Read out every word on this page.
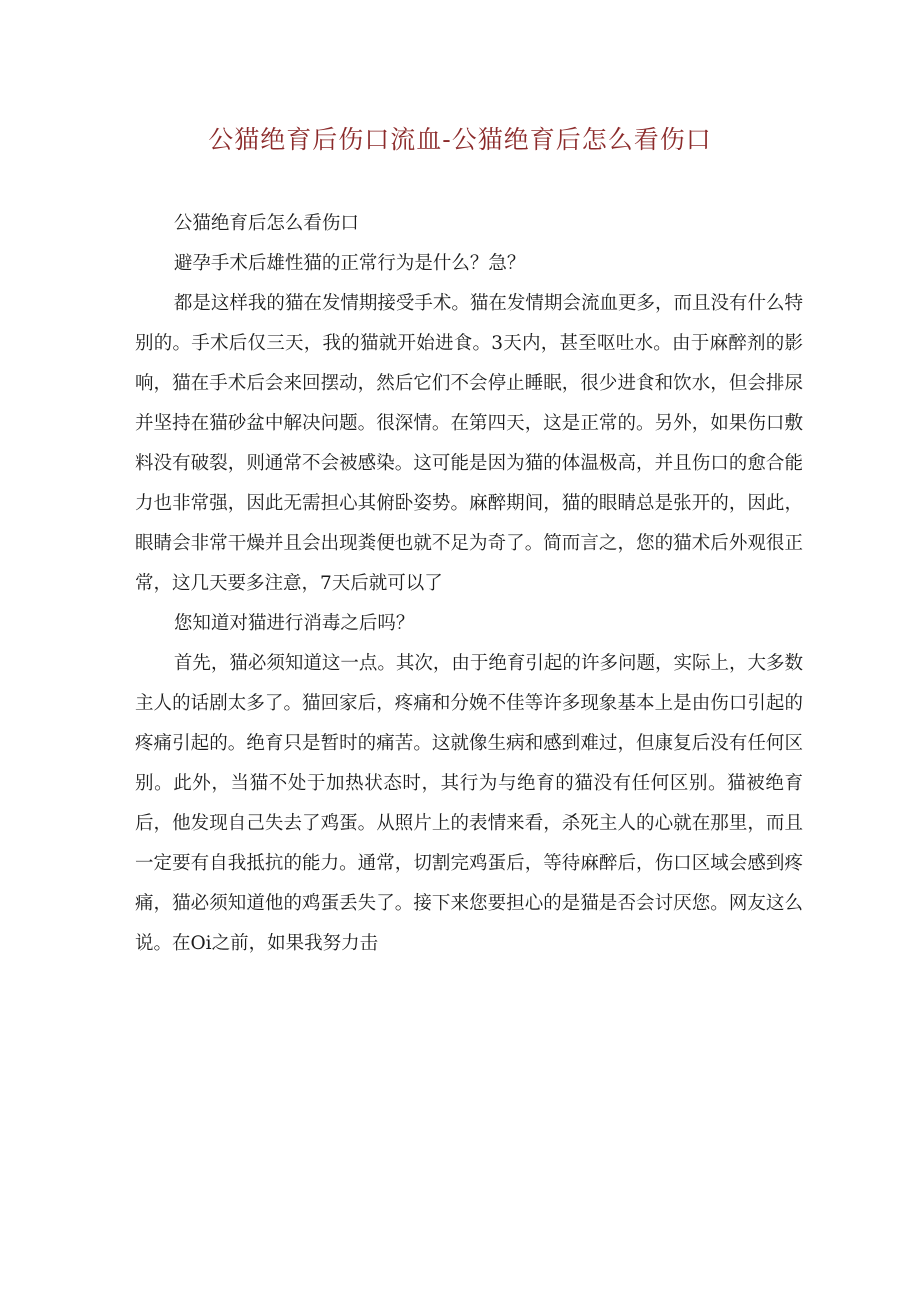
公猫绝育后伤口流血-公猫绝育后怎么看伤口

公猫绝育后怎么看伤口

避孕手术后雄性猫的正常行为是什么？急？

都是这样我的猫在发情期接受手术。猫在发情期会流血更多，而且没有什么特别的。手术后仅三天，我的猫就开始进食。3天内，甚至呕吐水。由于麻醉剂的影响，猫在手术后会来回摆动，然后它们不会停止睡眠，很少进食和饮水，但会排尿并坚持在猫砂盆中解决问题。很深情。在第四天，这是正常的。另外，如果伤口敷料没有破裂，则通常不会被感染。这可能是因为猫的体温极高，并且伤口的愈合能力也非常强，因此无需担心其俯卧姿势。麻醉期间，猫的眼睛总是张开的，因此，眼睛会非常干燥并且会出现粪便也就不足为奇了。简而言之，您的猫术后外观很正常，这几天要多注意，7天后就可以了

您知道对猫进行消毒之后吗？

首先，猫必须知道这一点。其次，由于绝育引起的许多问题，实际上，大多数主人的话剧太多了。猫回家后，疼痛和分娩不佳等许多现象基本上是由伤口引起的疼痛引起的。绝育只是暂时的痛苦。这就像生病和感到难过，但康复后没有任何区别。此外，当猫不处于加热状态时，其行为与绝育的猫没有任何区别。猫被绝育后，他发现自己失去了鸡蛋。从照片上的表情来看，杀死主人的心就在那里，而且一定要有自我抵抗的能力。通常，切割完鸡蛋后，等待麻醉后，伤口区域会感到疼痛，猫必须知道他的鸡蛋丢失了。接下来您要担心的是猫是否会讨厌您。网友这么说。在Oi之前，如果我努力击
